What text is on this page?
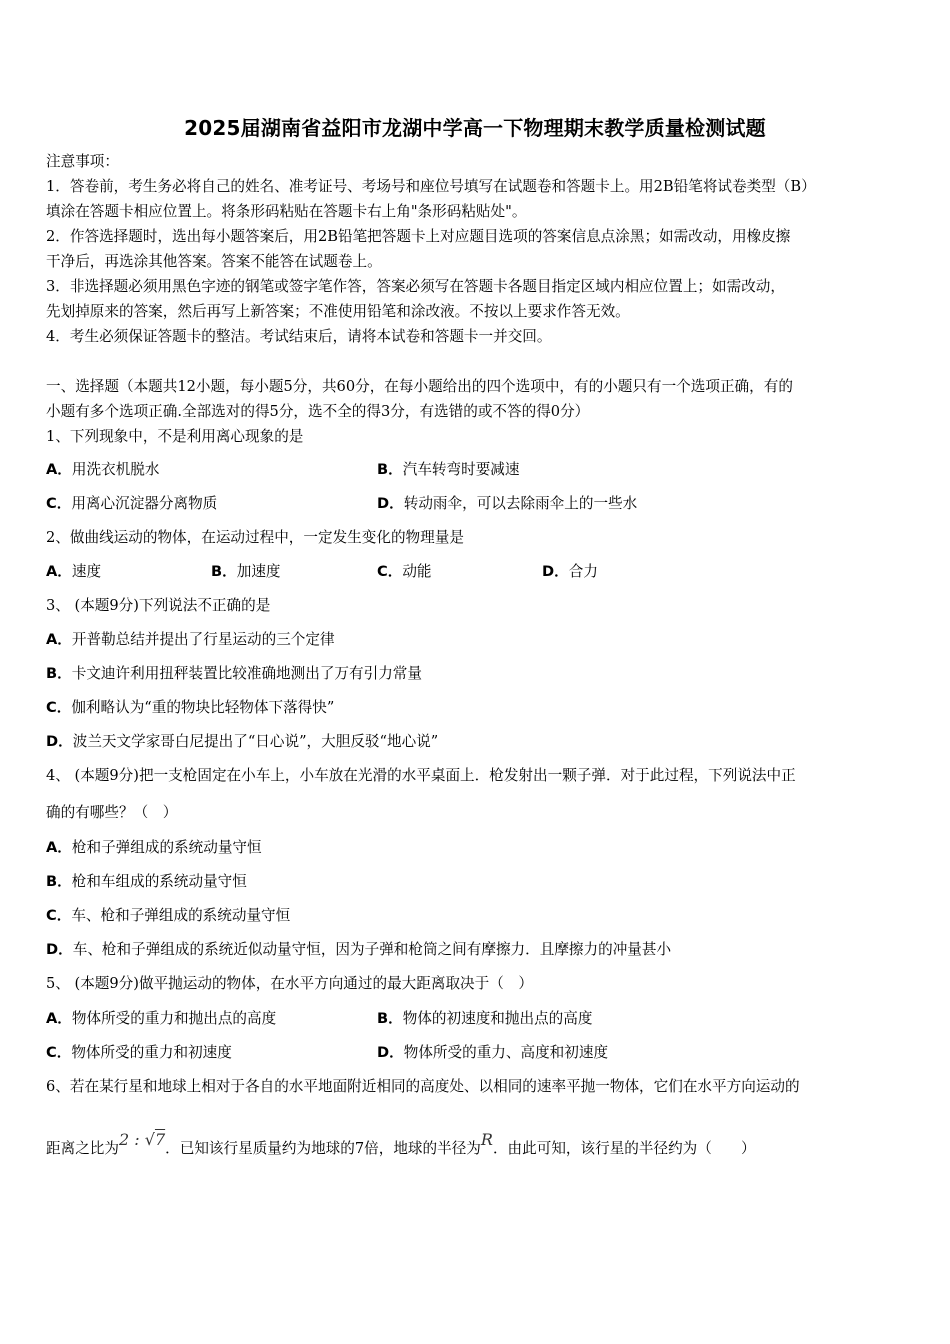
2025届湖南省益阳市龙湖中学高一下物理期末教学质量检测试题
注意事项：
1．答卷前，考生务必将自己的姓名、准考证号、考场号和座位号填写在试题卷和答题卡上。用2B铅笔将试卷类型（B）
填涂在答题卡相应位置上。将条形码粘贴在答题卡右上角"条形码粘贴处"。
2．作答选择题时，选出每小题答案后，用2B铅笔把答题卡上对应题目选项的答案信息点涂黑；如需改动，用橡皮擦
干净后，再选涂其他答案。答案不能答在试题卷上。
3．非选择题必须用黑色字迹的钢笔或签字笔作答，答案必须写在答题卡各题目指定区域内相应位置上；如需改动，
先划掉原来的答案，然后再写上新答案；不准使用铅笔和涂改液。不按以上要求作答无效。
4．考生必须保证答题卡的整洁。考试结束后，请将本试卷和答题卡一并交回。
一、选择题（本题共12小题，每小题5分，共60分，在每小题给出的四个选项中，有的小题只有一个选项正确，有的
小题有多个选项正确.全部选对的得5分，选不全的得3分，有选错的或不答的得0分）
1、下列现象中，不是利用离心现象的是
A．用洗衣机脱水	B．汽车转弯时要减速
C．用离心沉淀器分离物质	D．转动雨伞，可以去除雨伞上的一些水
2、做曲线运动的物体，在运动过程中，一定发生变化的物理量是
A．速度	B．加速度	C．动能	D．合力
3、 (本题9分)下列说法不正确的是
A．开普勒总结并提出了行星运动的三个定律
B．卡文迪许利用扭秤装置比较准确地测出了万有引力常量
C．伽利略认为“重的物块比轻物体下落得快”
D．波兰天文学家哥白尼提出了“日心说”，大胆反驳“地心说”
4、 (本题9分)把一支枪固定在小车上，小车放在光滑的水平桌面上．枪发射出一颗子弹．对于此过程，下列说法中正
确的有哪些？（　）
A．枪和子弹组成的系统动量守恒
B．枪和车组成的系统动量守恒
C．车、枪和子弹组成的系统动量守恒
D．车、枪和子弹组成的系统近似动量守恒，因为子弹和枪筒之间有摩擦力．且摩擦力的冲量甚小
5、 (本题9分)做平抛运动的物体，在水平方向通过的最大距离取决于（　）
A．物体所受的重力和抛出点的高度	B．物体的初速度和抛出点的高度
C．物体所受的重力和初速度	D．物体所受的重力、高度和初速度
6、若在某行星和地球上相对于各自的水平地面附近相同的高度处、以相同的速率平抛一物体，它们在水平方向运动的
距离之比为2 : √7．已知该行星质量约为地球的7倍，地球的半径为R．由此可知，该行星的半径约为（　　）
